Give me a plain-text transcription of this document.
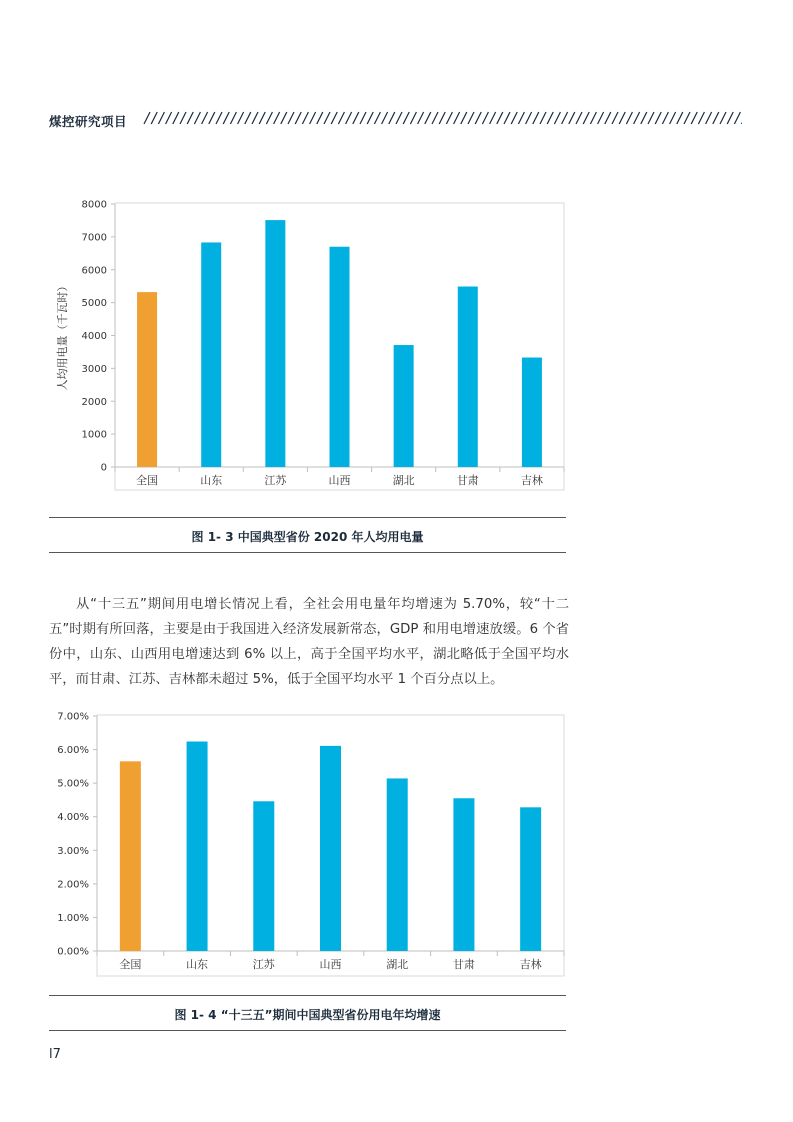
煤控研究项目
0
1000
2000
3000
4000
5000
6000
7000
8000
全国	山东	江苏	山西	湖北	甘肃	吉林
人均用电量（千瓦时）
图 1- 3 中国典型省份 2020 年人均用电量
从“十三五”期间用电增长情况上看，全社会用电量年均增速为 5.70%，较“十二五”时期有所回落，主要是由于我国进入经济发展新常态，GDP 和用电增速放缓。6 个省份中，山东、山西用电增速达到 6% 以上，高于全国平均水平，湖北略低于全国平均水平，而甘肃、江苏、吉林都未超过 5%，低于全国平均水平 1 个百分点以上。
0.00%
1.00%
2.00%
3.00%
4.00%
5.00%
6.00%
7.00%
全国	山东	江苏	山西	湖北	甘肃	吉林
图 1- 4 “十三五”期间中国典型省份用电年均增速
l7
